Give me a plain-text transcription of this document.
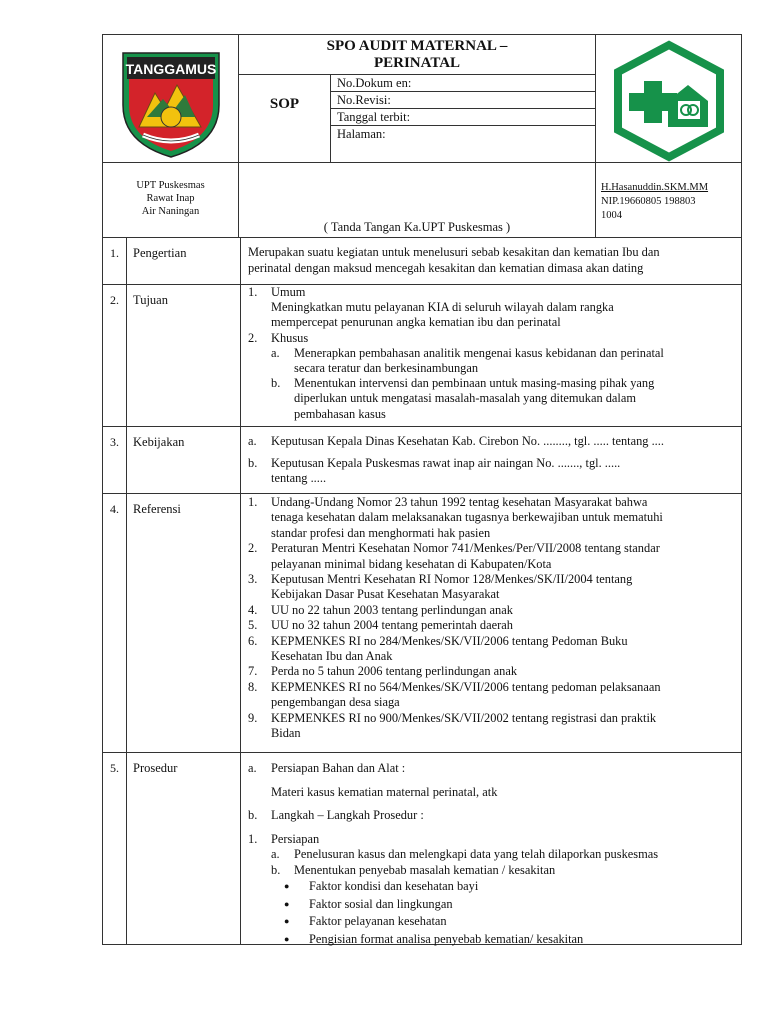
TANGGAMUS
SPO AUDIT MATERNAL –
PERINATAL
SOP
No.Dokum en:
No.Revisi:
Tanggal terbit:
Halaman:
UPT Puskesmas
Rawat Inap
Air Naningan
( Tanda Tangan Ka.UPT Puskesmas )
H.Hasanuddin.SKM.MM
NIP.19660805 198803
1004
1.	Pengertian	Merupakan suatu kegiatan untuk menelusuri sebab kesakitan dan kematian Ibu dan
perinatal dengan maksud mencegah kesakitan dan kematian dimasa akan dating
2.	Tujuan
1.	Umum
Meningkatkan mutu pelayanan KIA di seluruh wilayah dalam rangka
mempercepat penurunan angka kematian ibu dan perinatal
2.	Khusus
a.	Menerapkan pembahasan analitik mengenai kasus kebidanan dan perinatal
secara teratur dan berkesinambungan
b.	Menentukan intervensi dan pembinaan untuk masing-masing pihak yang
diperlukan untuk mengatasi masalah-masalah yang ditemukan dalam
pembahasan kasus
3.	Kebijakan	a.	Keputusan Kepala Dinas Kesehatan Kab. Cirebon No. ........, tgl. ..... tentang ....
b.	Keputusan Kepala Puskesmas rawat inap air naingan No. ......., tgl. .....
tentang .....
4.	Referensi	1.	Undang-Undang Nomor 23 tahun 1992 tentag kesehatan Masyarakat bahwa
tenaga kesehatan dalam melaksanakan tugasnya berkewajiban untuk mematuhi
standar profesi dan menghormati hak pasien
2.	Peraturan Mentri Kesehatan Nomor 741/Menkes/Per/VII/2008 tentang standar
pelayanan minimal bidang kesehatan di Kabupaten/Kota
3.	Keputusan Mentri Kesehatan RI Nomor 128/Menkes/SK/II/2004 tentang
Kebijakan Dasar Pusat Kesehatan Masyarakat
4.	UU no 22 tahun 2003 tentang perlindungan anak
5.	UU no 32 tahun 2004 tentang pemerintah daerah
6.	KEPMENKES RI no 284/Menkes/SK/VII/2006 tentang Pedoman Buku
Kesehatan Ibu dan Anak
7.	Perda no 5 tahun 2006 tentang perlindungan anak
8.	KEPMENKES RI no 564/Menkes/SK/VII/2006 tentang pedoman pelaksanaan
pengembangan desa siaga
9.	KEPMENKES RI no 900/Menkes/SK/VII/2002 tentang registrasi dan praktik
Bidan
5.	Prosedur	a.	Persiapan Bahan dan Alat :
Materi kasus kematian maternal perinatal, atk
b.	Langkah – Langkah Prosedur :
1.	Persiapan
a.	Penelusuran kasus dan melengkapi data yang telah dilaporkan puskesmas
b.	Menentukan penyebab masalah kematian / kesakitan
●	Faktor kondisi dan kesehatan bayi
●	Faktor sosial dan lingkungan
●	Faktor pelayanan kesehatan
●	Pengisian format analisa penyebab kematian/ kesakitan
